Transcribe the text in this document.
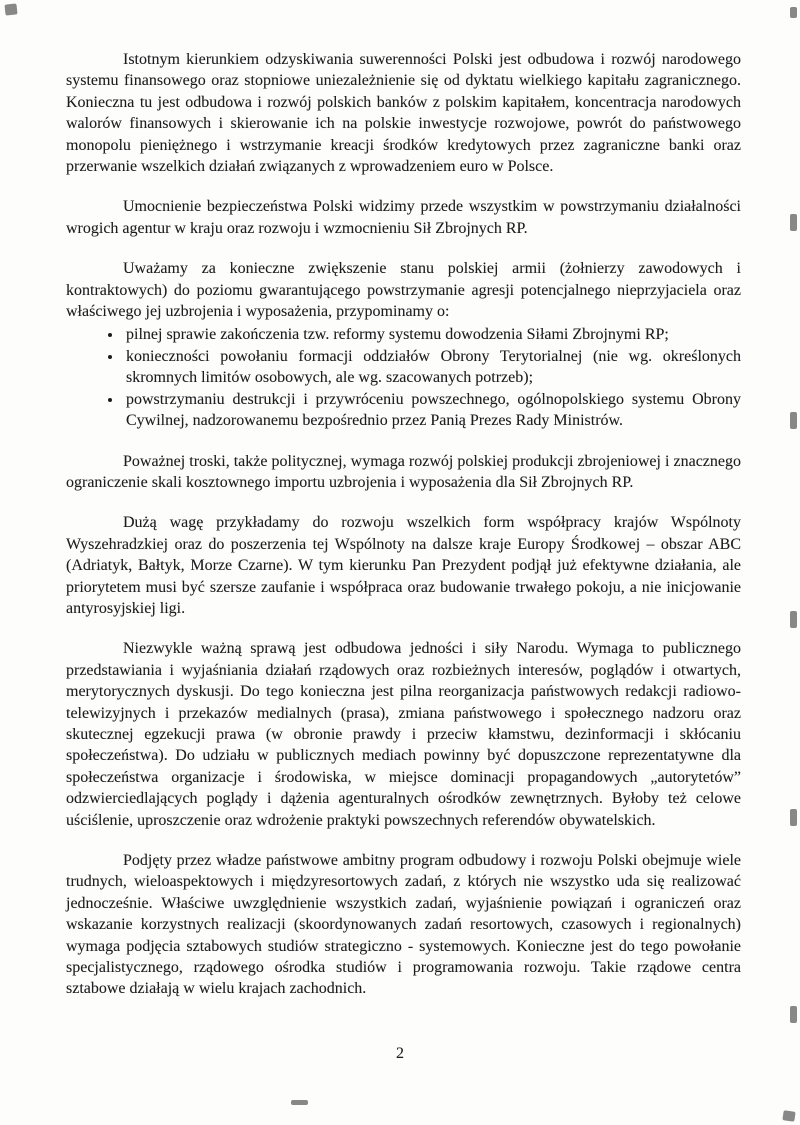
Istotnym kierunkiem odzyskiwania suwerenności Polski jest odbudowa i rozwój narodowego systemu finansowego oraz stopniowe uniezależnienie się od dyktatu wielkiego kapitału zagranicznego. Konieczna tu jest odbudowa i rozwój polskich banków z polskim kapitałem, koncentracja narodowych walorów finansowych i skierowanie ich na polskie inwestycje rozwojowe, powrót do państwowego monopolu pieniężnego i wstrzymanie kreacji środków kredytowych przez zagraniczne banki oraz przerwanie wszelkich działań związanych z wprowadzeniem euro w Polsce.

Umocnienie bezpieczeństwa Polski widzimy przede wszystkim w powstrzymaniu działalności wrogich agentur w kraju oraz rozwoju i wzmocnieniu Sił Zbrojnych RP.

Uważamy za konieczne zwiększenie stanu polskiej armii (żołnierzy zawodowych i kontraktowych) do poziomu gwarantującego powstrzymanie agresji potencjalnego nieprzyjaciela oraz właściwego jej uzbrojenia i wyposażenia, przypominamy o:

• pilnej sprawie zakończenia tzw. reformy systemu dowodzenia Siłami Zbrojnymi RP;
• konieczności powołaniu formacji oddziałów Obrony Terytorialnej (nie wg. określonych skromnych limitów osobowych, ale wg. szacowanych potrzeb);
• powstrzymaniu destrukcji i przywróceniu powszechnego, ogólnopolskiego systemu Obrony Cywilnej, nadzorowanemu bezpośrednio przez Panią Prezes Rady Ministrów.

Poważnej troski, także politycznej, wymaga rozwój polskiej produkcji zbrojeniowej i znacznego ograniczenie skali kosztownego importu uzbrojenia i wyposażenia dla Sił Zbrojnych RP.

Dużą wagę przykładamy do rozwoju wszelkich form współpracy krajów Wspólnoty Wyszehradzkiej oraz do poszerzenia tej Wspólnoty na dalsze kraje Europy Środkowej – obszar ABC (Adriatyk, Bałtyk, Morze Czarne). W tym kierunku Pan Prezydent podjął już efektywne działania, ale priorytetem musi być szersze zaufanie i współpraca oraz budowanie trwałego pokoju, a nie inicjowanie antyrosyjskiej ligi.

Niezwykle ważną sprawą jest odbudowa jedności i siły Narodu. Wymaga to publicznego przedstawiania i wyjaśniania działań rządowych oraz rozbieżnych interesów, poglądów i otwartych, merytorycznych dyskusji. Do tego konieczna jest pilna reorganizacja państwowych redakcji radiowo-telewizyjnych i przekazów medialnych (prasa), zmiana państwowego i społecznego nadzoru oraz skutecznej egzekucji prawa (w obronie prawdy i przeciw kłamstwu, dezinformacji i skłócaniu społeczeństwa). Do udziału w publicznych mediach powinny być dopuszczone reprezentatywne dla społeczeństwa organizacje i środowiska, w miejsce dominacji propagandowych „autorytetów” odzwierciedlających poglądy i dążenia agenturalnych ośrodków zewnętrznych. Byłoby też celowe uściślenie, uproszczenie oraz wdrożenie praktyki powszechnych referendów obywatelskich.

Podjęty przez władze państwowe ambitny program odbudowy i rozwoju Polski obejmuje wiele trudnych, wieloaspektowych i międzyresortowych zadań, z których nie wszystko uda się realizować jednocześnie. Właściwe uwzględnienie wszystkich zadań, wyjaśnienie powiązań i ograniczeń oraz wskazanie korzystnych realizacji (skoordynowanych zadań resortowych, czasowych i regionalnych) wymaga podjęcia sztabowych studiów strategiczno - systemowych. Konieczne jest do tego powołanie specjalistycznego, rządowego ośrodka studiów i programowania rozwoju. Takie rządowe centra sztabowe działają w wielu krajach zachodnich.

2
